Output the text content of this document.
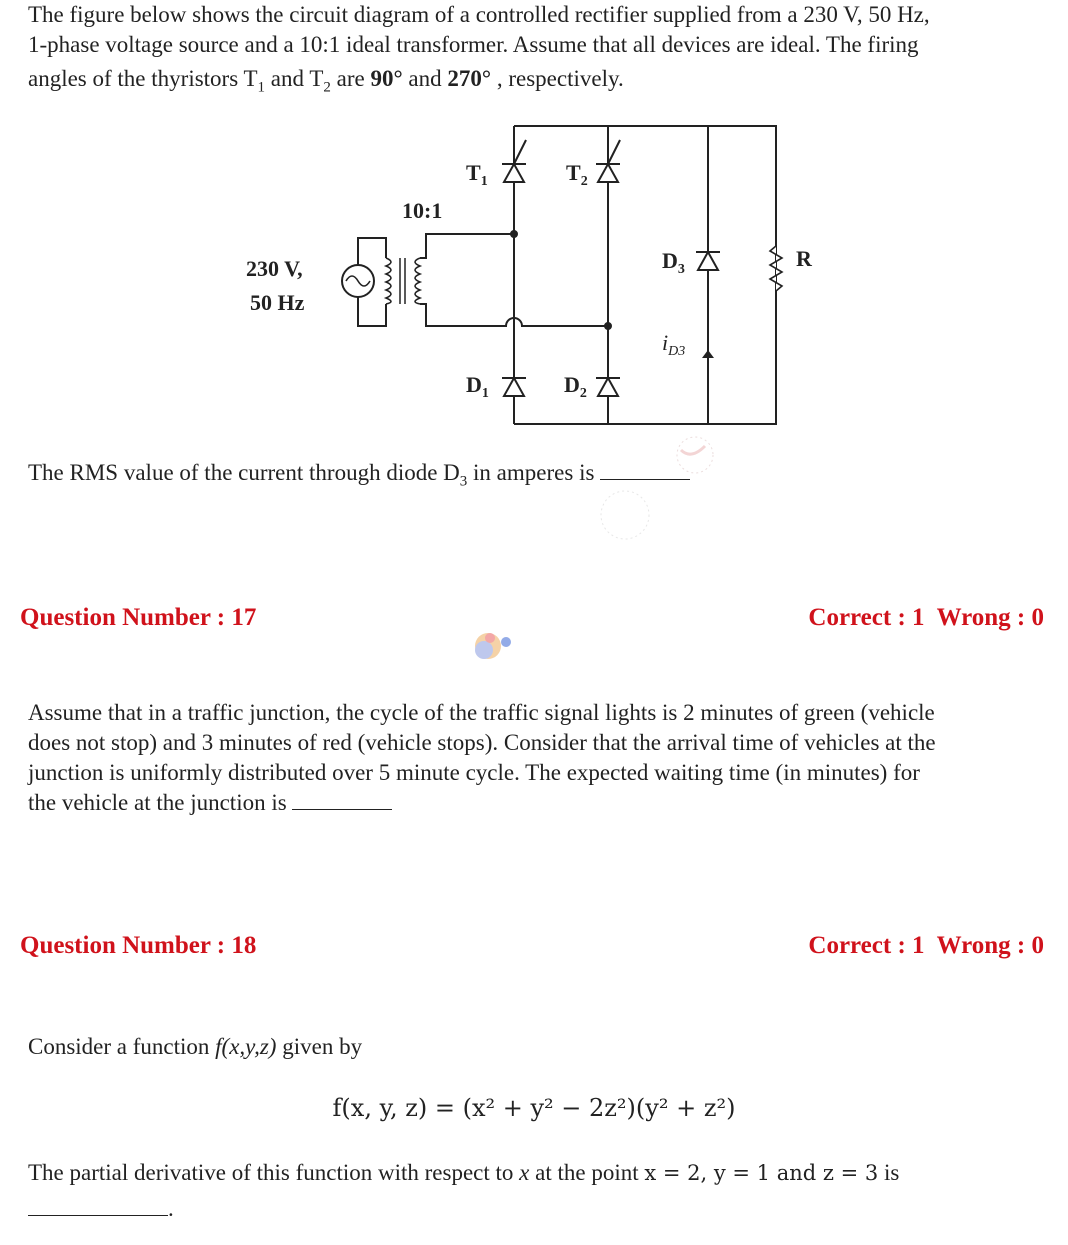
The figure below shows the circuit diagram of a controlled rectifier supplied from a 230 V, 50 Hz,
1-phase voltage source and a 10:1 ideal transformer. Assume that all devices are ideal. The firing
angles of the thyristors $T_1$ and $T_2$ are 90° and 270° , respectively.
230 V,
50 Hz
10:1
$T_1$	$T_2$
$D_1$	$D_2$
$D_3$	R
$i_{D3}$
The RMS value of the current through diode $D_3$ in amperes is
Question Number : 17	Correct : 1  Wrong : 0
Assume that in a traffic junction, the cycle of the traffic signal lights is 2 minutes of green (vehicle
does not stop) and 3 minutes of red (vehicle stops). Consider that the arrival time of vehicles at the
junction is uniformly distributed over 5 minute cycle. The expected waiting time (in minutes) for
the vehicle at the junction is
Question Number : 18	Correct : 1  Wrong : 0
Consider a function f(x,y,z) given by
f(x, y, z) = (x² + y² − 2z²)(y² + z²)
The partial derivative of this function with respect to x at the point x = 2, y = 1 and z = 3 is
.
